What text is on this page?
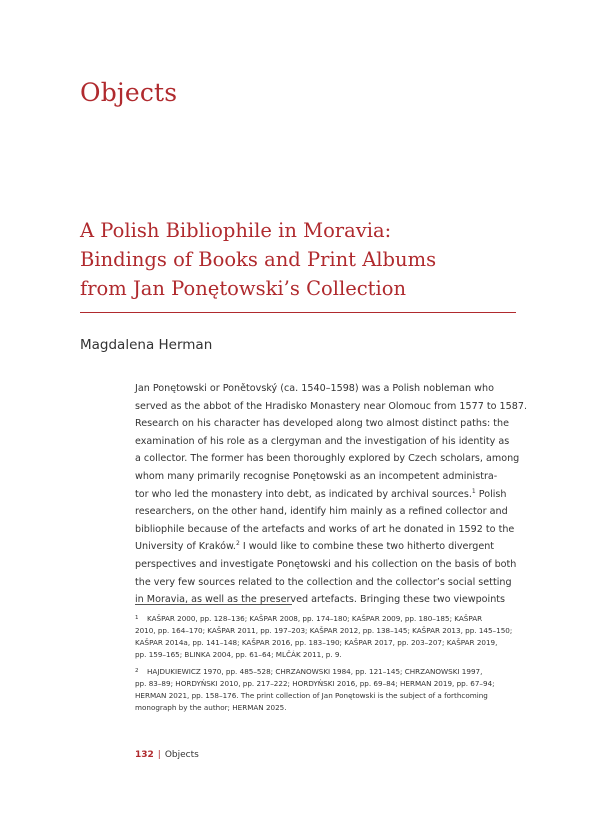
Objects
A Polish Bibliophile in Moravia:
Bindings of Books and Print Albums
from Jan Ponętowski’s Collection
Magdalena Herman
Jan Ponętowski or Ponětovský (ca. 1540–1598) was a Polish nobleman who
served as the abbot of the Hradisko Monastery near Olomouc from 1577 to 1587.
Research on his character has developed along two almost distinct paths: the
examination of his role as a clergyman and the investigation of his identity as
a collector. The former has been thoroughly explored by Czech scholars, among
whom many primarily recognise Ponętowski as an incompetent administra-
tor who led the monastery into debt, as indicated by archival sources.$^1$ Polish
researchers, on the other hand, identify him mainly as a refined collector and
bibliophile because of the artefacts and works of art he donated in 1592 to the
University of Kraków.$^2$ I would like to combine these two hitherto divergent
perspectives and investigate Ponętowski and his collection on the basis of both
the very few sources related to the collection and the collector’s social setting
in Moravia, as well as the preserved artefacts. Bringing these two viewpoints
1 KAŠPAR 2000, pp. 128–136; KAŠPAR 2008, pp. 174–180; KAŠPAR 2009, pp. 180–185; KAŠPAR
2010, pp. 164–170; KAŠPAR 2011, pp. 197–203; KAŠPAR 2012, pp. 138–145; KAŠPAR 2013, pp. 145–150;
KAŠPAR 2014a, pp. 141–148; KAŠPAR 2016, pp. 183–190; KAŠPAR 2017, pp. 203–207; KAŠPAR 2019,
pp. 159–165; BLINKA 2004, pp. 61–64; MLČÁK 2011, p. 9.
2 HAJDUKIEWICZ 1970, pp. 485–528; CHRZANOWSKI 1984, pp. 121–145; CHRZANOWSKI 1997,
pp. 83–89; HORDYŃSKI 2010, pp. 217–222; HORDYŃSKI 2016, pp. 69–84; HERMAN 2019, pp. 67–94;
HERMAN 2021, pp. 158–176. The print collection of Jan Ponętowski is the subject of a forthcoming
monograph by the author; HERMAN 2025.
132 | Objects
